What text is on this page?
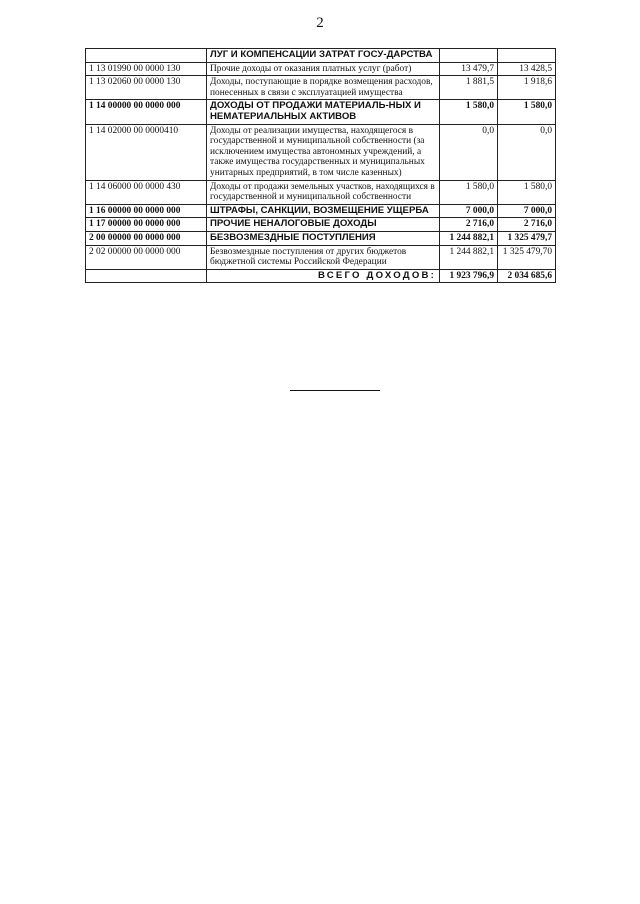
2
	ЛУГ И КОМПЕНСАЦИИ ЗАТРАТ ГОСУ-ДАРСТВА		
1 13 01990 00 0000 130	Прочие доходы от оказания платных услуг (работ)	13 479,7	13 428,5
1 13 02060 00 0000 130	Доходы, поступающие в порядке возмещения расходов, понесенных в связи с эксплуатацией имущества	1 881,5	1 918,6
1 14 00000 00 0000 000	ДОХОДЫ ОТ ПРОДАЖИ МАТЕРИАЛЬ-НЫХ И НЕМАТЕРИАЛЬНЫХ АКТИВОВ	1 580,0	1 580,0
1 14 02000 00 0000410	Доходы от реализации имущества, находящегося в государственной и муниципальной собственности (за исключением имущества автономных учреждений, а также имущества государственных и муниципальных унитарных предприятий, в том числе казенных)	0,0	0,0
1 14 06000 00 0000 430	Доходы от продажи земельных участков, находящихся в государственной и муниципальной собственности	1 580,0	1 580,0
1 16 00000 00 0000 000	ШТРАФЫ, САНКЦИИ, ВОЗМЕЩЕНИЕ УЩЕРБА	7 000,0	7 000,0
1 17 00000 00 0000 000	ПРОЧИЕ НЕНАЛОГОВЫЕ ДОХОДЫ	2 716,0	2 716,0
2 00 00000 00 0000 000	БЕЗВОЗМЕЗДНЫЕ ПОСТУПЛЕНИЯ	1 244 882,1	1 325 479,7
2 02 00000 00 0000 000	Безвозмездные поступления от других бюджетов бюджетной системы Российской Федерации	1 244 882,1	1 325 479,70
	ВСЕГО ДОХОДОВ:	1 923 796,9	2 034 685,6
